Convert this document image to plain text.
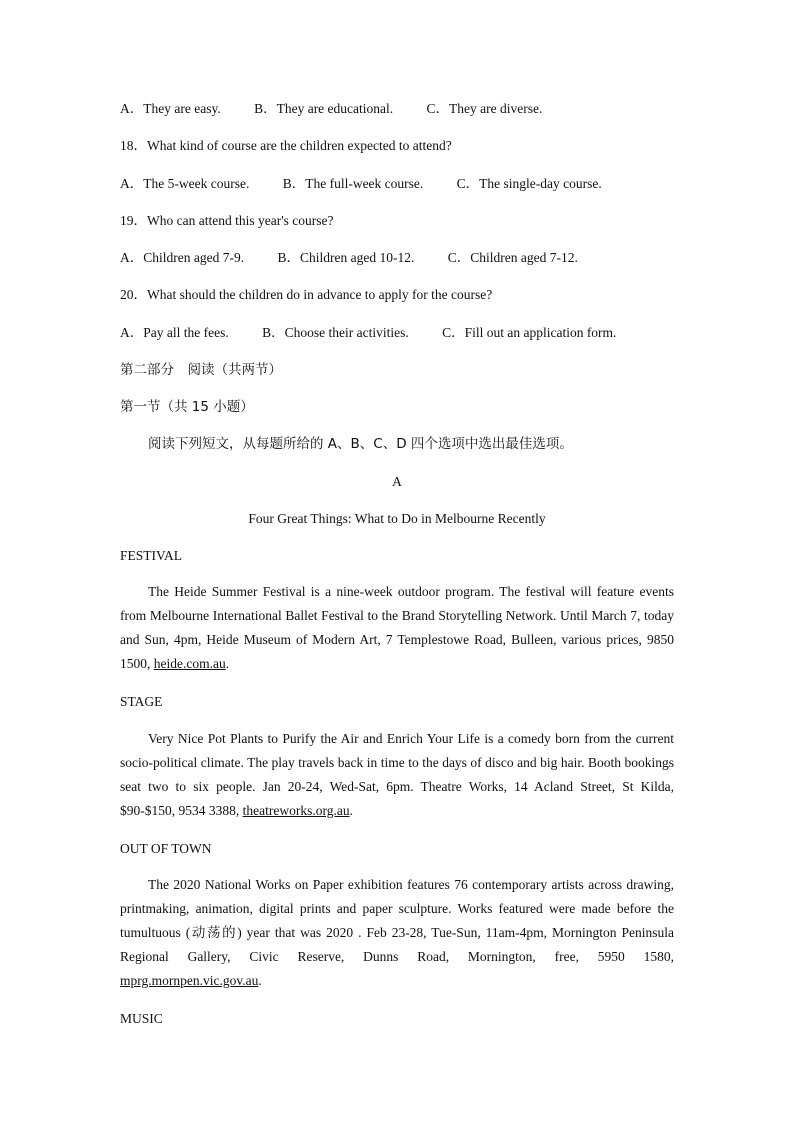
A．They are easy. B．They are educational. C．They are diverse.
18．What kind of course are the children expected to attend?
A．The 5-week course. B．The full-week course. C．The single-day course.
19．Who can attend this year's course?
A．Children aged 7-9. B．Children aged 10-12. C．Children aged 7-12.
20．What should the children do in advance to apply for the course?
A．Pay all the fees. B．Choose their activities. C．Fill out an application form.
第二部分　阅读（共两节）
第一节（共 15 小题）
阅读下列短文，从每题所给的 A、B、C、D 四个选项中选出最佳选项。
A
Four Great Things: What to Do in Melbourne Recently
FESTIVAL

The Heide Summer Festival is a nine-week outdoor program. The festival will feature events from Melbourne International Ballet Festival to the Brand Storytelling Network. Until March 7, today and Sun, 4pm, Heide Museum of Modern Art, 7 Templestowe Road, Bulleen, various prices, 9850 1500, heide.com.au.

STAGE

Very Nice Pot Plants to Purify the Air and Enrich Your Life is a comedy born from the current socio-political climate. The play travels back in time to the days of disco and big hair. Booth bookings seat two to six people. Jan 20-24, Wed-Sat, 6pm. Theatre Works, 14 Acland Street, St Kilda, $90-$150, 9534 3388, theatreworks.org.au.

OUT OF TOWN

The 2020 National Works on Paper exhibition features 76 contemporary artists across drawing, printmaking, animation, digital prints and paper sculpture. Works featured were made before the tumultuous (动荡的) year that was 2020 . Feb 23-28, Tue-Sun, 11am-4pm, Mornington Peninsula Regional Gallery, Civic Reserve, Dunns Road, Mornington, free, 5950 1580, mprg.mornpen.vic.gov.au.

MUSIC
